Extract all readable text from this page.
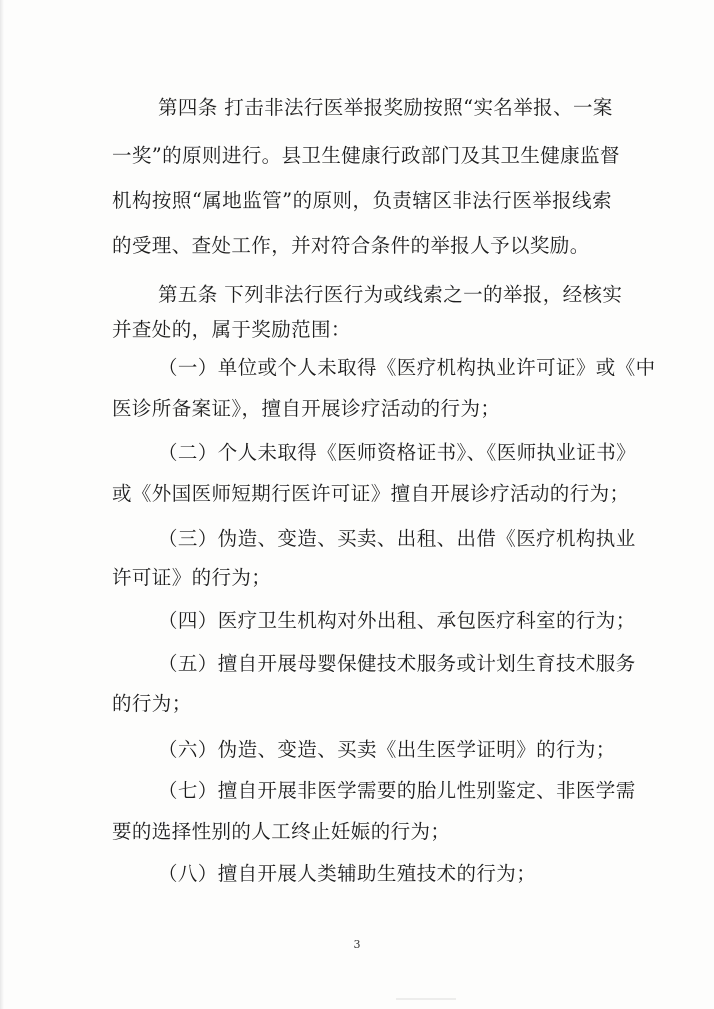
第四条 打击非法行医举报奖励按照“实名举报、一案
一奖”的原则进行。县卫生健康行政部门及其卫生健康监督
机构按照“属地监管”的原则，负责辖区非法行医举报线索
的受理、查处工作，并对符合条件的举报人予以奖励。
第五条 下列非法行医行为或线索之一的举报，经核实
并查处的，属于奖励范围：
（一）单位或个人未取得《医疗机构执业许可证》或《中
医诊所备案证》，擅自开展诊疗活动的行为；
（二）个人未取得《医师资格证书》、《医师执业证书》
或《外国医师短期行医许可证》擅自开展诊疗活动的行为；
（三）伪造、变造、买卖、出租、出借《医疗机构执业
许可证》的行为；
（四）医疗卫生机构对外出租、承包医疗科室的行为；
（五）擅自开展母婴保健技术服务或计划生育技术服务
的行为；
（六）伪造、变造、买卖《出生医学证明》的行为；
（七）擅自开展非医学需要的胎儿性别鉴定、非医学需
要的选择性别的人工终止妊娠的行为；
（八）擅自开展人类辅助生殖技术的行为；
3
